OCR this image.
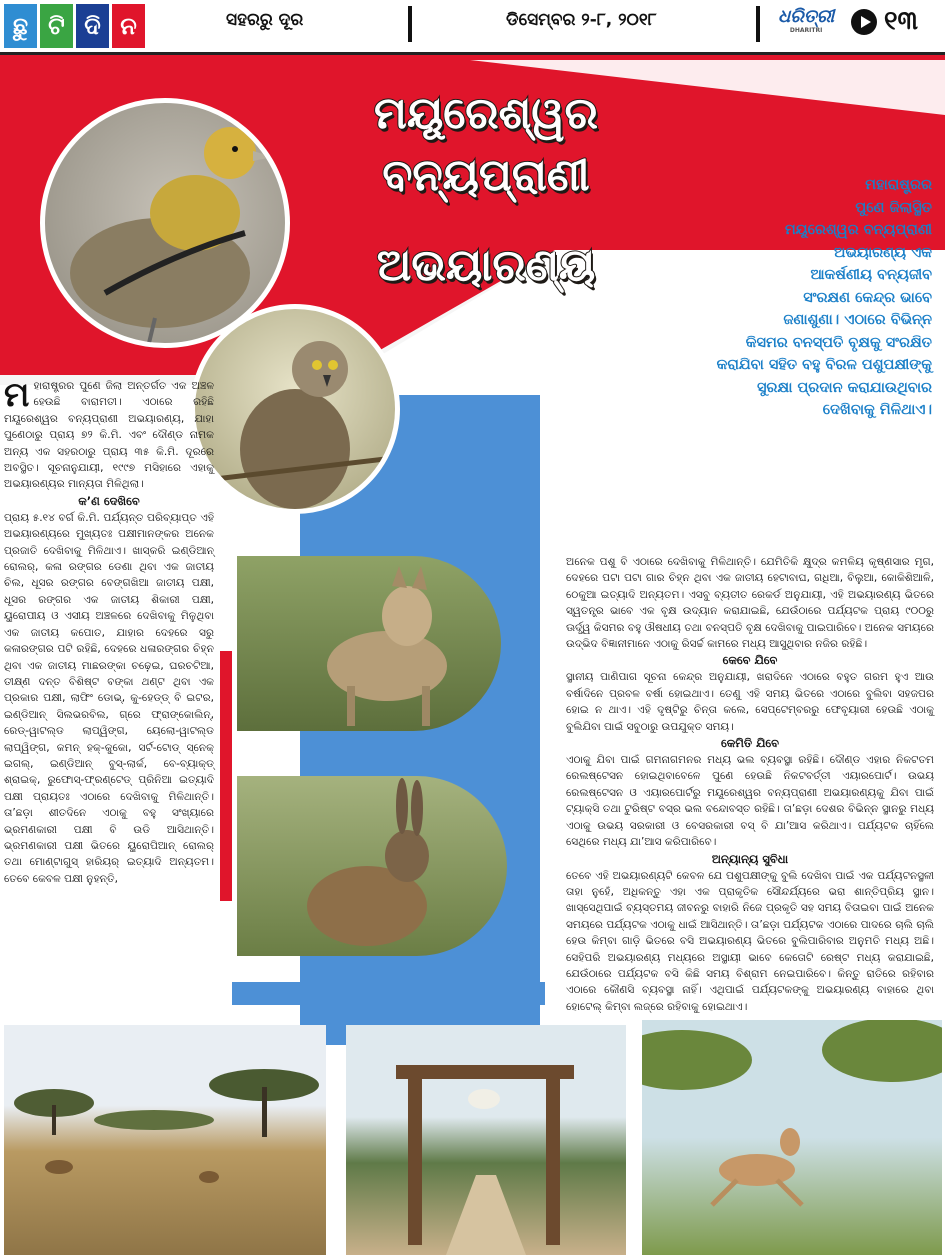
ଛୁ ଟି ଦି ନ	ସହରରୁ ଦୂର	ଡିସେମ୍ବର ୨-୮, ୨୦୧୮	ଧରିତ୍ରୀ
DHARITRI	୧୩
ମୟୂରେଶ୍ୱର
ବନ୍ୟପ୍ରାଣୀ
ଅଭୟାରଣ୍ୟ
ମହାରାଷ୍ଟ୍ରର
ପୁଣେ ଜିଲାସ୍ଥିତ
ମୟୂରେଶ୍ୱର ବନ୍ୟପ୍ରାଣୀ
ଅଭୟାରଣ୍ୟ ଏକ
ଆକର୍ଷଣୀୟ ବନ୍ୟଜୀବ
ସଂରକ୍ଷଣ କେନ୍ଦ୍ର ଭାବେ
ଜଣାଶୁଣା। ଏଠାରେ ବିଭିନ୍ନ
କିସମର ବନସ୍ପତି ବୃକ୍ଷକୁ ସଂରକ୍ଷିତ
କରାଯିବା ସହିତ ବହୁ ବିରଳ ପଶୁପକ୍ଷୀଙ୍କୁ
ସୁରକ୍ଷା ପ୍ରଦାନ କରାଯାଉଥିବାର
ଦେଖିବାକୁ ମିଳିଥାଏ।

ମହାରାଷ୍ଟ୍ରର ପୁଣେ ଜିଲା ଅନ୍ତର୍ଗତ ଏକ ଅଞ୍ଚଳ ହେଉଛି ବାରାମତୀ। ଏଠାରେ ରହିଛି ମୟୂରେଶ୍ୱର ବନ୍ୟପ୍ରାଣୀ ଅଭୟାରଣ୍ୟ, ଯାହା ପୁଣେଠାରୁ ପ୍ରାୟ ୭୨ କି.ମି. ଏବଂ ଦୌଣ୍ଡ ନାମକ ଅନ୍ୟ ଏକ ସହରଠାରୁ ପ୍ରାୟ ୩୫ କି.ମି. ଦୂରରେ ଅବସ୍ଥିତ। ସୂଚନାନୁଯାୟୀ, ୧୯୯୭ ମସିହାରେ ଏହାକୁ ଅଭୟାରଣ୍ୟର ମାନ୍ୟତା ମିଳିଥିଲା।

କ’ଣ ଦେଖିବେ

ପ୍ରାୟ ୫.୧୪ ବର୍ଗ କି.ମି. ପର୍ଯ୍ୟନ୍ତ ପରିବ୍ୟାପ୍ତ ଏହି ଅଭୟାରଣ୍ୟରେ ମୁଖ୍ୟତଃ ପକ୍ଷୀମାନଙ୍କର ଅନେକ ପ୍ରଜାତି ଦେଖିବାକୁ ମିଳିଥାଏ। ଖାସ୍‌କରି ଇଣ୍ଡିଆନ୍ ରୋଲର୍, କଳା ରଙ୍ଗର ଡେଣା ଥିବା ଏକ ଜାତୀୟ ଚିଲ, ଧୂସର ରଙ୍ଗର ବେଙ୍ଗଖିଆ ଜାତୀୟ ପକ୍ଷୀ, ଧୂସର ରଙ୍ଗର ଏକ ଜାତୀୟ ଶିକାରୀ ପକ୍ଷୀ, ୟୁରୋପୀୟ ଓ ଏସୀୟ ଅଞ୍ଚଳରେ ଦେଖିବାକୁ ମିଳୁଥିବା ଏକ ଜାତୀୟ କପୋତ, ଯାହାର ଦେହରେ ସରୁ କଳାରଙ୍ଗର ପଟି ରହିଛି, ଦେହରେ ଧଳାରଙ୍ଗର ଚିହ୍ନ ଥିବା ଏକ ଜାତୀୟ ମାଛରଙ୍କା ଚଢ଼େଇ, ଘରଚଟିଆ, ତୀକ୍ଷ୍ଣ ଦନ୍ତ ବିଶିଷ୍ଟ ବଙ୍କା ଥଣ୍ଟ ଥିବା ଏକ ପ୍ରକାର ପକ୍ଷୀ, ଲାଫିଂ ଡୋଭ୍, କୁ-ହେଡ୍‌ଡ୍ ବି ଇଟର, ଇଣ୍ଡିଆନ୍ ସିଲଭରବିଲ, ଗ୍ରେ ଫ୍ରାଙ୍କୋଲିନ୍, ରେଡ୍-ୱାଟଲ୍ଡ ଲାପ୍‌ୱିଙ୍ଗ, ୟେଲୋ-ୱାଟଲ୍ଡ ଲାପ୍‌ୱିଙ୍ଗ, କମନ୍ ହକ୍-କୁକୋ, ସର୍ଟ-ଟୋଡ୍ ସ୍ନେକ୍ ଇଗଲ୍, ଇଣ୍ଡିଆନ୍ ବୁସ୍‌-ଲାର୍କ, ବେ-ବ୍ୟାକ୍‌ଡ୍ ଶ୍ରାଇକ୍, ରୁଫୋସ୍-ଫ୍ରଣ୍ଟେଡ୍ ପ୍ରିନିଆ ଇତ୍ୟାଦି ପକ୍ଷୀ ପ୍ରାୟତଃ ଏଠାରେ ଦେଖିବାକୁ ମିଳିଥାନ୍ତି। ତା’ଛଡ଼ା ଶୀତଦିନେ ଏଠାକୁ ବହୁ ସଂଖ୍ୟାରେ ଭ୍ରମଣକାରୀ ପକ୍ଷୀ ବି ଉଡି ଆସିଥାନ୍ତି। ଭ୍ରମଣକାରୀ ପକ୍ଷୀ ଭିତରେ ୟୁରୋପିଆନ୍ ରୋଲର୍ ତଥା ମୋଣ୍ଟାଗୁସ୍ ହାରିୟର୍ ଇତ୍ୟାଦି ଅନ୍ୟତମ। ତେବେ କେବଳ ପକ୍ଷୀ ନୁହନ୍ତି,

ଅନେକ ପଶୁ ବି ଏଠାରେ ଦେଖିବାକୁ ମିଳିଥାନ୍ତି। ଯେମିତିକି କ୍ଷୁଦ୍ର କମଳିୟ କୃଷ୍ଣସାର ମୃଗ, ଦେହରେ ପଟା ପଟା ଗାର ଚିହ୍ନ ଥିବା ଏକ ଜାତୀୟ ହେଟାବାଘ, ଗଧିଆ, ବିଲୁଆ, କୋକିଶିଆଳି, ଠେକୁଆ ଇତ୍ୟାଦି ଅନ୍ୟତମ। ଏସବୁ ବ୍ୟତୀତ ରେକର୍ଡ ଅନୁଯାୟୀ, ଏହି ଅଭୟାରଣ୍ୟ ଭିତରେ ସ୍ୱତନ୍ତ୍ର ଭାବେ ଏକ ବୃକ୍ଷ ଉଦ୍ୟାନ କରାଯାଇଛି, ଯେଉଁଠାରେ ପର୍ଯ୍ୟଟକ ପ୍ରାୟ ୯୦୦ରୁ ଊର୍ଦ୍ଧ୍ୱ କିସମର ବହୁ ଔଷଧୀୟ ତଥା ବନସ୍ପତି ବୃକ୍ଷ ଦେଖିବାକୁ ପାଇପାରିବେ। ଅନେକ ସମୟରେ ଉଦ୍ଭିଦ ବିଜ୍ଞାନୀମାନେ ଏଠାକୁ ରିସର୍ଚ୍ଚ କାମରେ ମଧ୍ୟ ଆସୁଥିବାର ନଜିର ରହିଛି।

କେବେ ଯିବେ

ସ୍ଥାନୀୟ ପାଣିପାଗ ସୂଚନା କେନ୍ଦ୍ର ଅନୁଯାୟୀ, ଖରାଦିନେ ଏଠାରେ ବହୁତ ଗରମ ହୁଏ ଆଉ ବର୍ଷାଦିନେ ପ୍ରବଳ ବର୍ଷା ହୋଇଥାଏ। ତେଣୁ ଏହି ସମୟ ଭିତରେ ଏଠାରେ ବୁଲିବା ସହଜପର ହୋଇ ନ ଥାଏ। ଏହି ଦୃଷ୍ଟିରୁ ଚିନ୍ତା କଲେ, ସେପ୍ଟେମ୍ବରରୁ ଫେବୃୟାରୀ ହେଉଛି ଏଠାକୁ ବୁଲିଯିବା ପାଇଁ ସବୁଠାରୁ ଉପଯୁକ୍ତ ସମୟ।

କେମିତି ଯିବେ

ଏଠାକୁ ଯିବା ପାଇଁ ଗମନାଗମନର ମଧ୍ୟ ଭଲ ବ୍ୟବସ୍ଥା ରହିଛି। ଦୌଣ୍ଡ ଏହାର ନିକଟତମ ରେଲଷ୍ଟେସନ ହୋଇଥିବାବେଳେ ପୁଣେ ହେଉଛି ନିକଟବର୍ତ୍ତୀ ଏୟାରପୋର୍ଟ। ଉଭୟ ରେଲଷ୍ଟେସନ ଓ ଏୟାରପୋର୍ଟରୁ ମୟୂରେଶ୍ୱର ବନ୍ୟପ୍ରାଣୀ ଅଭୟାରଣ୍ୟକୁ ଯିବା ପାଇଁ ଟ୍ୟାକ୍ସି ତଥା ଟୁରିଷ୍ଟ ବସ୍‌ର ଭଲ ବନ୍ଦୋବସ୍ତ ରହିଛି। ତା’ଛଡ଼ା ଦେଶର ବିଭିନ୍ନ ସ୍ଥାନରୁ ମଧ୍ୟ ଏଠାକୁ ଉଭୟ ସରକାରୀ ଓ ବେସରକାରୀ ବସ୍ ବି ଯା’ଆସ କରିଥାଏ। ପର୍ଯ୍ୟଟକ ଚାହିଁଲେ ସେଥିରେ ମଧ୍ୟ ଯା’ଆସ କରିପାରିବେ।

ଅନ୍ୟାନ୍ୟ ସୁବିଧା

ତେବେ ଏହି ଅଭୟାରଣ୍ୟଟି କେବଳ ଯେ ପଶୁପକ୍ଷୀଙ୍କୁ ବୁଲି ଦେଖିବା ପାଇଁ ଏକ ପର୍ଯ୍ୟଟନସ୍ଥଳୀ ତାହା ନୁହେଁ, ଅଧିକନ୍ତୁ ଏହା ଏକ ପ୍ରାକୃତିକ ସୌନ୍ଦର୍ଯ୍ୟରେ ଭରା ଶାନ୍ତିପ୍ରିୟ ସ୍ଥାନ। ଖାସ୍‌ସେଥିପାଇଁ ବ୍ୟସ୍ତମୟ ଜୀବନରୁ ବାହାରି ନିଜେ ପ୍ରକୃତି ସହ ସମୟ ବିତାଇବା ପାଇଁ ଅନେକ ସମୟରେ ପର୍ଯ୍ୟଟକ ଏଠାକୁ ଧାଇଁ ଆସିଥାନ୍ତି। ତା’ଛଡ଼ା ପର୍ଯ୍ୟଟକ ଏଠାରେ ପାଦରେ ଚାଲି ଚାଲି ହେଉ କିମ୍ବା ଗାଡ଼ି ଭିତରେ ବସି ଅଭୟାରଣ୍ୟ ଭିତରେ ବୁଲିପାରିବାର ଅନୁମତି ମଧ୍ୟ ଅଛି। ସେହିପରି ଅଭୟାରଣ୍ୟ ମଧ୍ୟରେ ଅସ୍ଥାୟୀ ଭାବେ କେତୋଟି ରେଷ୍ଟ ମଧ୍ୟ କରାଯାଇଛି, ଯେଉଁଠାରେ ପର୍ଯ୍ୟଟକ ବସି କିଛି ସମୟ ବିଶ୍ରାମ ନେଇପାରିବେ। କିନ୍ତୁ ରାତିରେ ରହିବାର ଏଠାରେ କୌଣସି ବ୍ୟବସ୍ଥା ନାହିଁ। ଏଥିପାଇଁ ପର୍ଯ୍ୟଟକଙ୍କୁ ଅଭୟାରଣ୍ୟ ବାହାରେ ଥିବା ହୋଟେଲ୍ କିମ୍ବା ଲଜ୍‌ରେ ରହିବାକୁ ହୋଇଥାଏ।
